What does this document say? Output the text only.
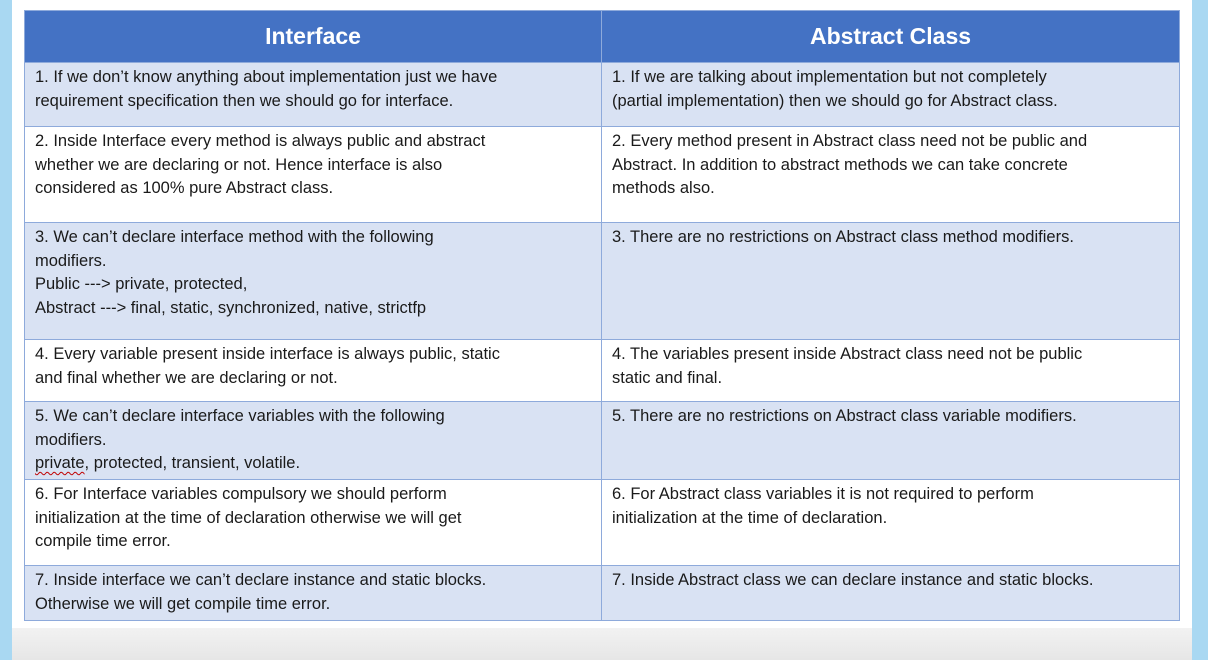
Interface	Abstract Class

1. If we don’t know anything about implementation just we have
requirement specification then we should go for interface.	1. If we are talking about implementation but not completely
(partial implementation) then we should go for Abstract class.

2. Inside Interface every method is always public and abstract
whether we are declaring or not. Hence interface is also
considered as 100% pure Abstract class.	2. Every method present in Abstract class need not be public and
Abstract. In addition to abstract methods we can take concrete
methods also.

3. We can’t declare interface method with the following
modifiers.
Public ---> private, protected,
Abstract ---> final, static, synchronized, native, strictfp	3. There are no restrictions on Abstract class method modifiers.

4. Every variable present inside interface is always public, static
and final whether we are declaring or not.	4. The variables present inside Abstract class need not be public
static and final.

5. We can’t declare interface variables with the following
modifiers.
private, protected, transient, volatile.	5. There are no restrictions on Abstract class variable modifiers.

6. For Interface variables compulsory we should perform
initialization at the time of declaration otherwise we will get
compile time error.	6. For Abstract class variables it is not required to perform
initialization at the time of declaration.

7. Inside interface we can’t declare instance and static blocks.
Otherwise we will get compile time error.	7. Inside Abstract class we can declare instance and static blocks.
